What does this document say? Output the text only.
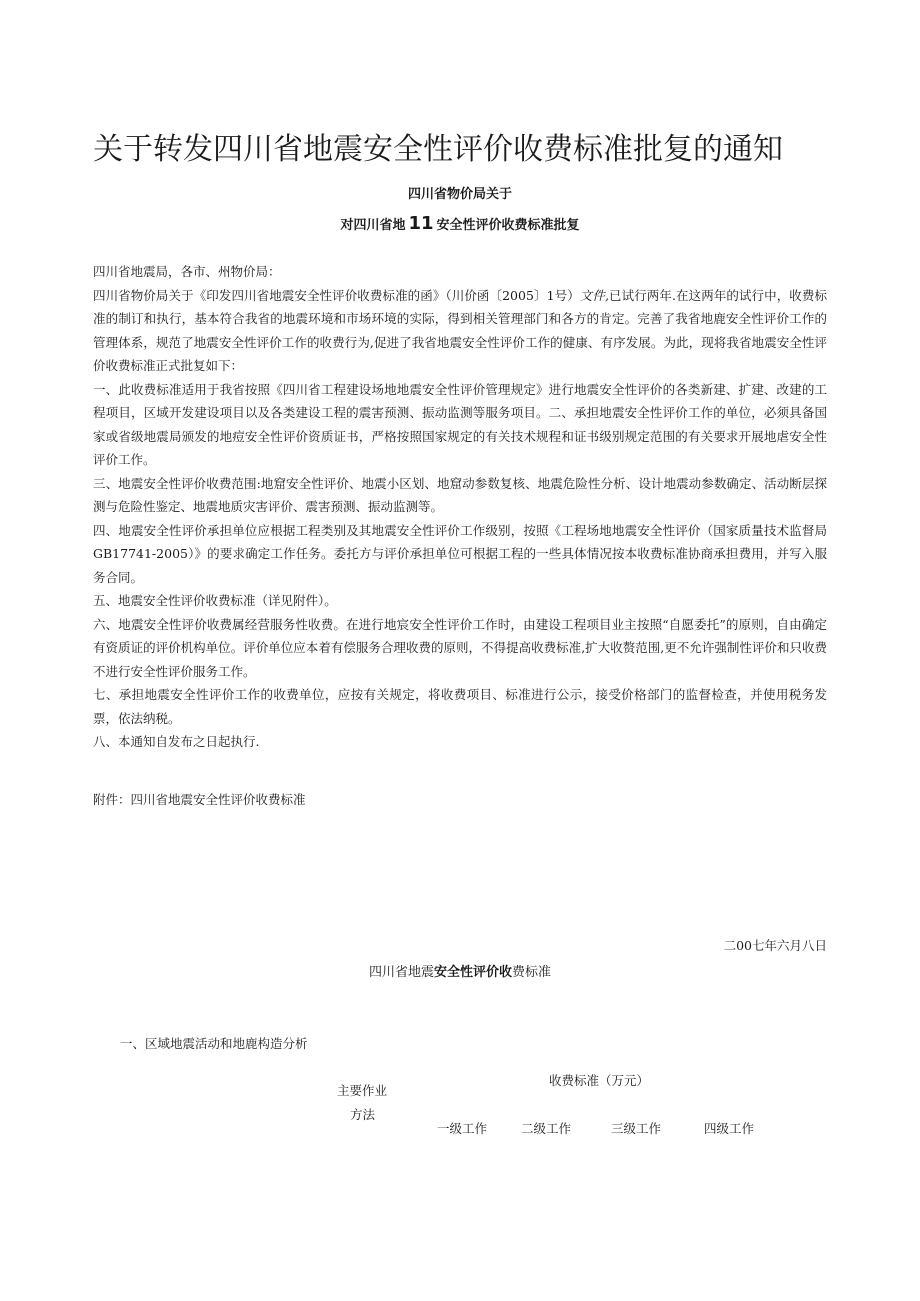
关于转发四川省地震安全性评价收费标准批复的通知

四川省物价局关于

对四川省地 11 安全性评价收费标准批复

四川省地震局，各市、州物价局：

四川省物价局关于《印发四川省地震安全性评价收费标准的函》（川价函〔2005〕1号）文件,已试行两年.在这两年的试行中，收费标准的制订和执行，基本符合我省的地震环境和市场环境的实际，得到相关管理部门和各方的肯定。完善了我省地鹿安全性评价工作的管理体系，规范了地震安全性评价工作的收费行为,促进了我省地震安全性评价工作的健康、有序发展。为此，现将我省地震安全性评价收费标准正式批复如下：

一、此收费标准适用于我省按照《四川省工程建设场地地震安全性评价管理规定》进行地震安全性评价的各类新建、扩建、改建的工程项目，区域开发建设项目以及各类建设工程的震害预测、振动监测等服务项目。二、承担地震安全性评价工作的单位，必须具备国家或省级地震局颁发的地痘安全性评价资质证书，严格按照国家规定的有关技术规程和证书级别规定范围的有关要求开展地虐安全性评价工作。

三、地震安全性评价收费范围:地窟安全性评价、地震小区划、地窟动参数复核、地震危险性分析、设计地震动参数确定、活动断层探测与危险性鉴定、地震地质灾害评价、震害预测、振动监测等。

四、地震安全性评价承担单位应根据工程类别及其地震安全性评价工作级别，按照《工程场地地震安全性评价（国家质量技术监督局GB17741-2005）》的要求确定工作任务。委托方与评价承担单位可根据工程的一些具体情况按本收费标准协商承担费用，并写入服务合同。

五、地震安全性评价收费标准（详见附件）。

六、地震安全性评价收费属经营服务性收费。在进行地宸安全性评价工作时，由建设工程项目业主按照“自愿委托”的原则，自由确定有资质证的评价机构单位。评价单位应本着有偿服务合理收费的原则，不得提高收费标准,扩大收赘范围,更不允许强制性评价和只收费不进行安全性评价服务工作。

七、承担地震安全性评价工作的收费单位，应按有关规定，将收费项目、标准进行公示，接受价格部门的监督检查，并使用税务发票，依法纳税。

八、本通知自发布之日起执行.

附件：四川省地震安全性评价收费标准

二00七年六月八日

四川省地震安全性评价收费标准

一、区域地震活动和地鹿构造分析

主要作业

方法

收费标准（万元）

一级工作	二级工作	三级工作	四级工作
